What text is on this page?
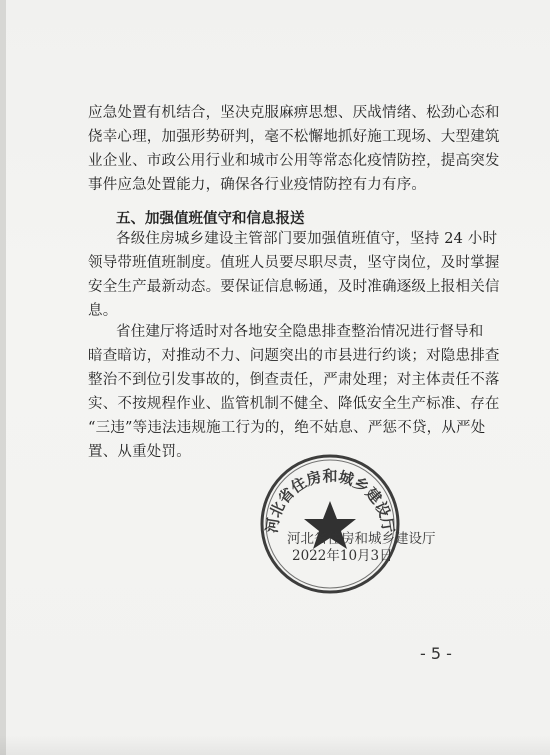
应急处置有机结合，坚决克服麻痹思想、厌战情绪、松劲心态和
侥幸心理，加强形势研判，毫不松懈地抓好施工现场、大型建筑
业企业、市政公用行业和城市公用等常态化疫情防控，提高突发
事件应急处置能力，确保各行业疫情防控有力有序。
五、加强值班值守和信息报送
各级住房城乡建设主管部门要加强值班值守，坚持 24 小时
领导带班值班制度。值班人员要尽职尽责，坚守岗位，及时掌握
安全生产最新动态。要保证信息畅通，及时准确逐级上报相关信
息。
省住建厅将适时对各地安全隐患排查整治情况进行督导和
暗查暗访，对推动不力、问题突出的市县进行约谈；对隐患排查
整治不到位引发事故的，倒查责任，严肃处理；对主体责任不落
实、不按规程作业、监管机制不健全、降低安全生产标准、存在
“三违”等违法违规施工行为的，绝不姑息、严惩不贷，从严处
置、从重处罚。
河北省住房和城乡建设厅
河北省住房和城乡建设厅
2022年10月3日
- 5 -
